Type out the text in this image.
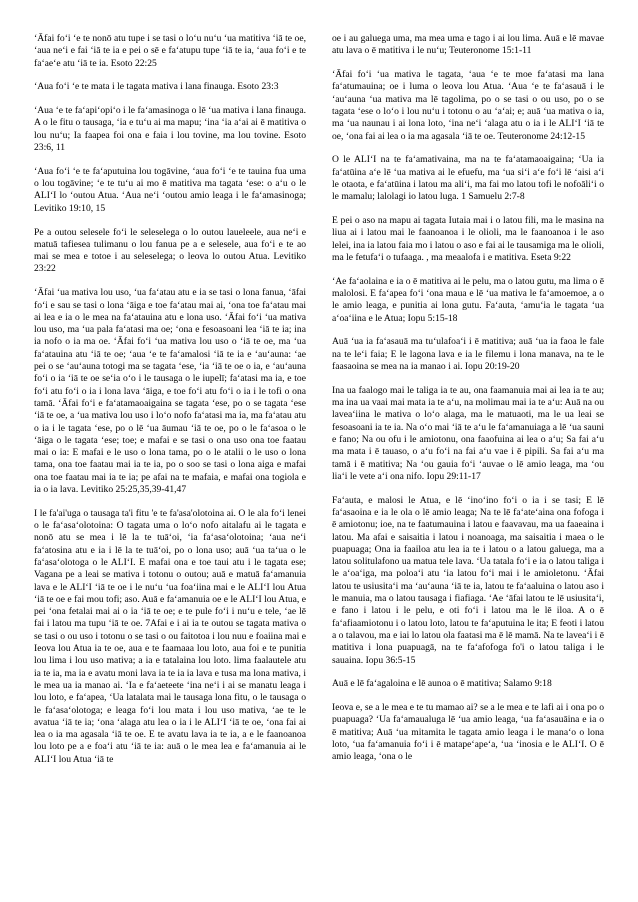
ʻĀfai foʻi ʻe te nonō atu tupe i se tasi o loʻu nuʻu ʻua matitiva ʻiā te oe, ʻaua neʻi e fai ʻiā te ia e pei o sē e faʻatupu tupe ʻiā te ia, ʻaua foʻi e te faʻaeʻe atu ʻiā te ia. Esoto 22:25

ʻAua foʻi ʻe te mata i le tagata mativa i lana finauga. Esoto 23:3

ʻAua ʻe te faʻapiʻopiʻo i le faʻamasinoga o lē ʻua mativa i lana finauga. A o le fitu o tausaga, ʻia e tuʻu ai ma mapu; ʻina ʻia aʻai ai ē matitiva o lou nuʻu; Ia faapea foi ona e faia i lou tovine, ma lou tovine. Esoto 23:6, 11

ʻAua foʻi ʻe te faʻaputuina lou togāvine, ʻaua foʻi ʻe te tauina fua uma o lou togāvine; ʻe te tuʻu ai mo ē matitiva ma tagata ʻese: o aʻu o le ALIʻI lo ʻoutou Atua. ʻAua neʻi ʻoutou amio leaga i le faʻamasinoga; Levitiko 19:10, 15

Pe a outou selesele foʻi le seleselega o lo outou laueleele, aua neʻi e matuā tafiesea tulimanu o lou fanua pe a e selesele, aua foʻi e te ao mai se mea e totoe i au seleselega; o leova lo outou Atua. Levitiko 23:22

ʻĀfai ʻua mativa lou uso, ʻua faʻatau atu e ia se tasi o lona fanua, ʻāfai foʻi e sau se tasi o lona ʻāiga e toe faʻatau mai ai, ʻona toe faʻatau mai ai lea e ia o le mea na faʻatauina atu e lona uso. ʻĀfai foʻi ʻua mativa lou uso, ma ʻua pala faʻatasi ma oe; ʻona e fesoasoani lea ʻiā te ia; ina ia nofo o ia ma oe. ʻĀfai foʻi ʻua mativa lou uso o ʻiā te oe, ma ʻua faʻatauina atu ʻiā te oe; ʻaua ʻe te faʻamalosi ʻiā te ia e ʻauʻauna: ʻae pei o se ʻauʻauna totogi ma se tagata ʻese, ʻia ʻiā te oe o ia, e ʻauʻauna foʻi o ia ʻiā te oe seʻia oʻo i le tausaga o le iupelī; faʻatasi ma ia, e toe foʻi atu foʻi o ia i lona lava ʻāiga, e toe foʻi atu foʻi o ia i le tofi o ona tamā. ʻĀfai foʻi e faʻatamaoaigaina se tagata ʻese, po o se tagata ʻese ʻiā te oe, a ʻua mativa lou uso i loʻo nofo faʻatasi ma ia, ma faʻatau atu o ia i le tagata ʻese, po o lē ʻua āumau ʻiā te oe, po o le faʻasoa o le ʻāiga o le tagata ʻese; toe; e mafai e se tasi o ona uso ona toe faatau mai o ia: E mafai e le uso o lona tama, po o le atalii o le uso o lona tama, ona toe faatau mai ia te ia, po o soo se tasi o lona aiga e mafai ona toe faatau mai ia te ia; pe afai na te mafaia, e mafai ona togiola e ia o ia lava. Levitiko 25:25,35,39-41,47

I le fa'ai'uga o tausaga ta'i fitu 'e te fa'asa'olotoina ai. O le ala foʻi lenei o le faʻasaʻolotoina: O tagata uma o loʻo nofo aitalafu ai le tagata e nonō atu se mea i lē la te tuāʻoi, ʻia faʻasaʻolotoina; ʻaua neʻi faʻatosina atu e ia i lē la te tuāʻoi, po o lona uso; auā ʻua taʻua o le faʻasaʻolotoga o le ALIʻI. E mafai ona e toe taui atu i le tagata ese; Vagana pe a leai se mativa i totonu o outou; auā e matuā faʻamanuia lava e le ALIʻI ʻiā te oe i le nuʻu ʻua foaʻiina mai e le ALIʻI lou Atua ʻiā te oe e fai mou tofi; aso. Auā e faʻamanuia oe e le ALIʻI lou Atua, e pei ʻona fetalai mai ai o ia ʻiā te oe; e te pule foʻi i nuʻu e tele, ʻae lē fai i latou ma tupu ʻiā te oe. 7Afai e i ai ia te outou se tagata mativa o se tasi o ou uso i totonu o se tasi o ou faitotoa i lou nuu e foaiina mai e Ieova lou Atua ia te oe, aua e te faamaaa lou loto, aua foi e te punitia lou lima i lou uso mativa; a ia e tatalaina lou loto. lima faalautele atu ia te ia, ma ia e avatu moni lava ia te ia ia lava e tusa ma lona mativa, i le mea ua ia manao ai. ʻIa e faʻaeteete ʻina neʻi i ai se manatu leaga i lou loto, e faʻapea, ʻUa latalata mai le tausaga lona fitu, o le tausaga o le faʻasaʻolotoga; e leaga foʻi lou mata i lou uso mativa, ʻae te le avatua ʻiā te ia; ʻona ʻalaga atu lea o ia i le ALIʻI ʻiā te oe, ʻona fai ai lea o ia ma agasala ʻiā te oe. E te avatu lava ia te ia, a e le faanoanoa lou loto pe a e foaʻi atu ʻiā te ia: auā o le mea lea e faʻamanuia ai le ALIʻI lou Atua ʻiā te

oe i au galuega uma, ma mea uma e tago i ai lou lima. Auā e lē mavae atu lava o ē matitiva i le nuʻu; Teuteronome 15:1-11

ʻĀfai foʻi ʻua mativa le tagata, ʻaua ʻe te moe faʻatasi ma lana faʻatumauina; oe i luma o leova lou Atua. ʻAua ʻe te faʻasauā i le ʻauʻauna ʻua mativa ma lē tagolima, po o se tasi o ou uso, po o se tagata ʻese o loʻo i lou nuʻu i totonu o au ʻaʻai; e; auā ʻua mativa o ia, ma ʻua naunau i ai lona loto, ʻina neʻi ʻalaga atu o ia i le ALIʻI ʻiā te oe, ʻona fai ai lea o ia ma agasala ʻiā te oe. Teuteronome 24:12-15

O le ALIʻI na te faʻamativaina, ma na te faʻatamaoaigaina; ʻUa ia faʻatūina aʻe lē ʻua mativa ai le efuefu, ma ʻua siʻi aʻe foʻi lē ʻaisi aʻi le otaota, e faʻatūina i latou ma aliʻi, ma fai mo latou tofi le nofoāliʻi o le mamalu; lalolagi io latou luga. 1 Samuelu 2:7-8

E pei o aso na mapu ai tagata Iutaia mai i o latou fili, ma le masina na liua ai i latou mai le faanoanoa i le olioli, ma le faanoanoa i le aso lelei, ina ia latou faia mo i latou o aso e fai ai le tausamiga ma le olioli, ma le fetufaʻi o tufaaga. , ma meaalofa i e matitiva. Eseta 9:22

ʻAe faʻaolaina e ia o ē matitiva ai le pelu, ma o latou gutu, ma lima o ē malolosi. E faʻapea foʻi ʻona maua e lē ʻua mativa le faʻamoemoe, a o le amio leaga, e punitia ai lona gutu. Faʻauta, ʻamuʻia le tagata ʻua aʻoaʻiina e le Atua; Iopu 5:15-18

Auā ʻua ia faʻasauā ma tuʻulafoaʻi i ē matitiva; auā ʻua ia faoa le fale na te leʻi faia; E le lagona lava e ia le filemu i lona manava, na te le faasaoina se mea na ia manao i ai. Iopu 20:19-20

Ina ua faalogo mai le taliga ia te au, ona faamanuia mai ai lea ia te au; ma ina ua vaai mai mata ia te aʻu, na molimau mai ia te aʻu: Auā na ou laveaʻiina le mativa o loʻo alaga, ma le matuaoti, ma le ua leai se fesoasoani ia te ia. Na oʻo mai ʻiā te aʻu le faʻamanuiaga a lē ʻua sauni e fano; Na ou ofu i le amiotonu, ona faaofuina ai lea o aʻu; Sa fai aʻu ma mata i ē tauaso, o aʻu foʻi na fai aʻu vae i ē pipili. Sa fai aʻu ma tamā i ē matitiva; Na ʻou gauia foʻi ʻauvae o lē amio leaga, ma ʻou liaʻi le vete aʻi ona nifo. Iopu 29:11-17

Faʻauta, e malosi le Atua, e lē ʻinoʻino foʻi o ia i se tasi; E lē faʻasaoina e ia le ola o lē amio leaga; Na te lē faʻateʻaina ona fofoga i ē amiotonu; ioe, na te faatumauina i latou e faavavau, ma ua faaeaina i latou. Ma afai e saisaitia i latou i noanoaga, ma saisaitia i maea o le puapuaga; Ona ia faailoa atu lea ia te i latou o a latou galuega, ma a latou solitulafono ua matua tele lava. ʻUa tatala foʻi e ia o latou taliga i le aʻoaʻiga, ma poloaʻi atu ʻia latou foʻi mai i le amioletonu. ʻĀfai latou te usiusitaʻi ma ʻauʻauna ʻiā te ia, latou te faʻaaluina o latou aso i le manuia, ma o latou tausaga i fiafiaga. ʻAe ʻāfai latou te lē usiusitaʻi, e fano i latou i le pelu, e oti foʻi i latou ma le lē iloa. A o ē faʻafiaamiotonu i o latou loto, latou te faʻaputuina le ita; E feoti i latou a o talavou, ma e iai lo latou ola faatasi ma ē lē mamā. Na te laveaʻi i ē matitiva i lona puapuagā, na te faʻafofoga fo'i o latou taliga i le sauaina. Iopu 36:5-15

Auā e lē faʻagaloina e lē aunoa o ē matitiva; Salamo 9:18

Ieova e, se a le mea e te tu mamao ai? se a le mea e te lafi ai i ona po o puapuaga? ʻUa faʻamaualuga lē ʻua amio leaga, ʻua faʻasauāina e ia o ē matitiva; Auā ʻua mitamita le tagata amio leaga i le manaʻo o lona loto, ʻua faʻamanuia foʻi i ē matapeʻapeʻa, ʻua ʻinosia e le ALIʻI. O ē amio leaga, ʻona o le
